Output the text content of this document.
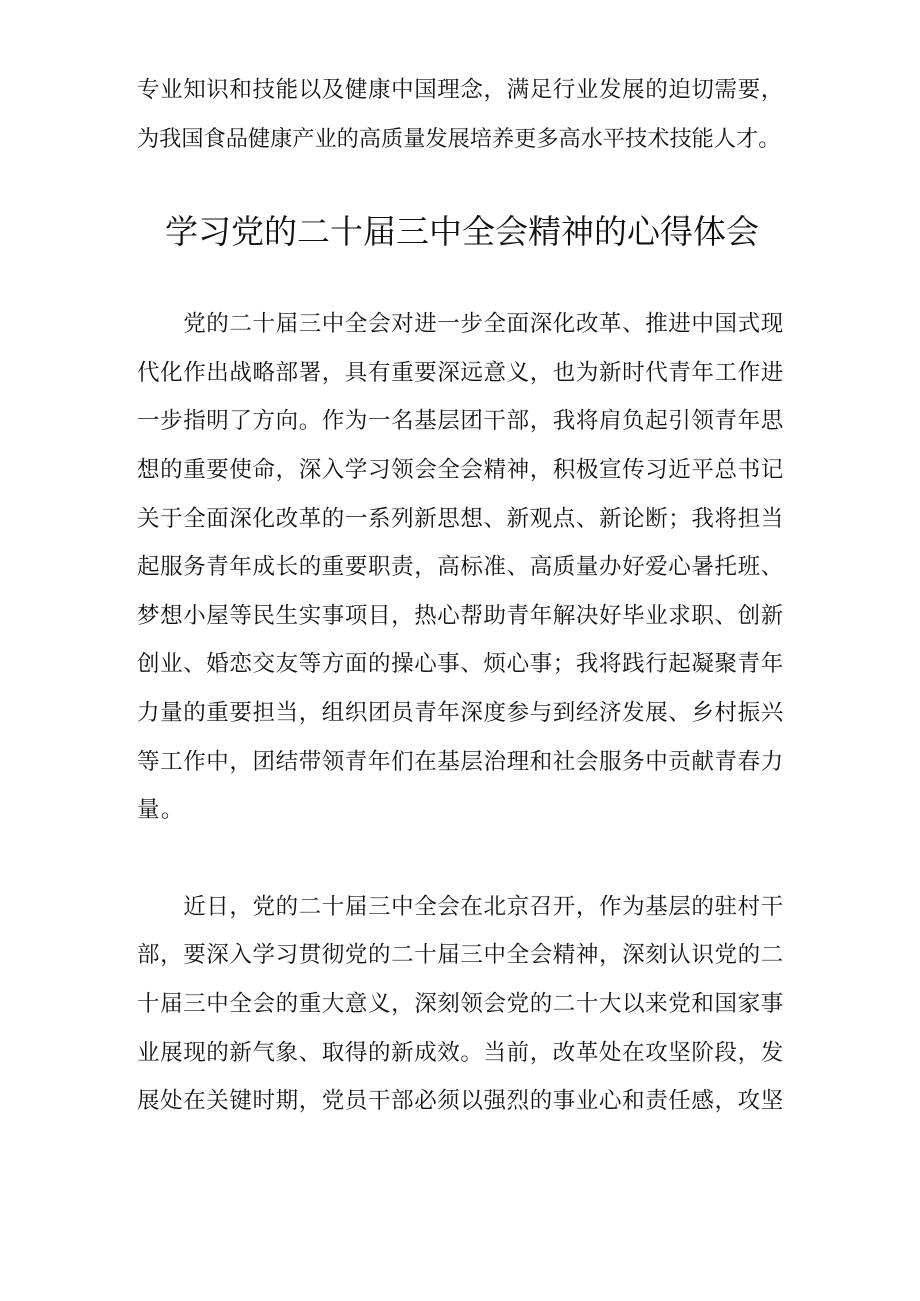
专业知识和技能以及健康中国理念，满足行业发展的迫切需要，
为我国食品健康产业的高质量发展培养更多高水平技术技能人才。
学习党的二十届三中全会精神的心得体会
　　党的二十届三中全会对进一步全面深化改革、推进中国式现
代化作出战略部署，具有重要深远意义，也为新时代青年工作进
一步指明了方向。作为一名基层团干部，我将肩负起引领青年思
想的重要使命，深入学习领会全会精神，积极宣传习近平总书记
关于全面深化改革的一系列新思想、新观点、新论断；我将担当
起服务青年成长的重要职责，高标准、高质量办好爱心暑托班、
梦想小屋等民生实事项目，热心帮助青年解决好毕业求职、创新
创业、婚恋交友等方面的操心事、烦心事；我将践行起凝聚青年
力量的重要担当，组织团员青年深度参与到经济发展、乡村振兴
等工作中，团结带领青年们在基层治理和社会服务中贡献青春力
量。
　　近日，党的二十届三中全会在北京召开，作为基层的驻村干
部，要深入学习贯彻党的二十届三中全会精神，深刻认识党的二
十届三中全会的重大意义，深刻领会党的二十大以来党和国家事
业展现的新气象、取得的新成效。当前，改革处在攻坚阶段，发
展处在关键时期，党员干部必须以强烈的事业心和责任感，攻坚
